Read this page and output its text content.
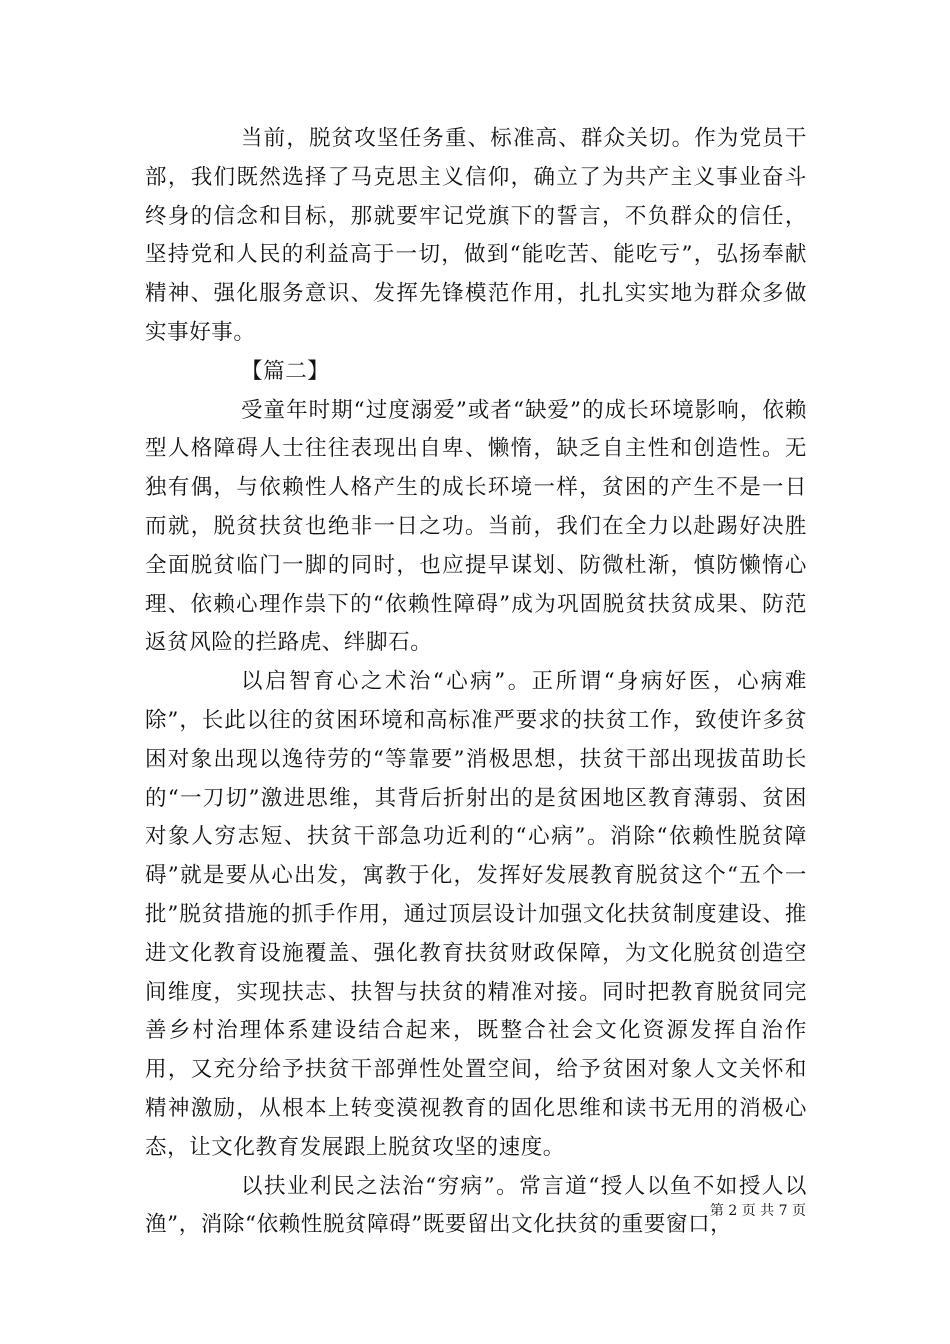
当前，脱贫攻坚任务重、标准高、群众关切。作为党员干部，我们既然选择了马克思主义信仰，确立了为共产主义事业奋斗终身的信念和目标，那就要牢记党旗下的誓言，不负群众的信任，坚持党和人民的利益高于一切，做到“能吃苦、能吃亏”，弘扬奉献精神、强化服务意识、发挥先锋模范作用，扎扎实实地为群众多做实事好事。

【篇二】

受童年时期“过度溺爱”或者“缺爱”的成长环境影响，依赖型人格障碍人士往往表现出自卑、懒惰，缺乏自主性和创造性。无独有偶，与依赖性人格产生的成长环境一样，贫困的产生不是一日而就，脱贫扶贫也绝非一日之功。当前，我们在全力以赴踢好决胜全面脱贫临门一脚的同时，也应提早谋划、防微杜渐，慎防懒惰心理、依赖心理作祟下的“依赖性障碍”成为巩固脱贫扶贫成果、防范返贫风险的拦路虎、绊脚石。

以启智育心之术治“心病”。正所谓“身病好医，心病难除”，长此以往的贫困环境和高标准严要求的扶贫工作，致使许多贫困对象出现以逸待劳的“等靠要”消极思想，扶贫干部出现拔苗助长的“一刀切”激进思维，其背后折射出的是贫困地区教育薄弱、贫困对象人穷志短、扶贫干部急功近利的“心病”。消除“依赖性脱贫障碍”就是要从心出发，寓教于化，发挥好发展教育脱贫这个“五个一批”脱贫措施的抓手作用，通过顶层设计加强文化扶贫制度建设、推进文化教育设施覆盖、强化教育扶贫财政保障，为文化脱贫创造空间维度，实现扶志、扶智与扶贫的精准对接。同时把教育脱贫同完善乡村治理体系建设结合起来，既整合社会文化资源发挥自治作用，又充分给予扶贫干部弹性处置空间，给予贫困对象人文关怀和精神激励，从根本上转变漠视教育的固化思维和读书无用的消极心态，让文化教育发展跟上脱贫攻坚的速度。

以扶业利民之法治“穷病”。常言道“授人以鱼不如授人以渔”，消除“依赖性脱贫障碍”既要留出文化扶贫的重要窗口，

第 2 页 共 7 页
